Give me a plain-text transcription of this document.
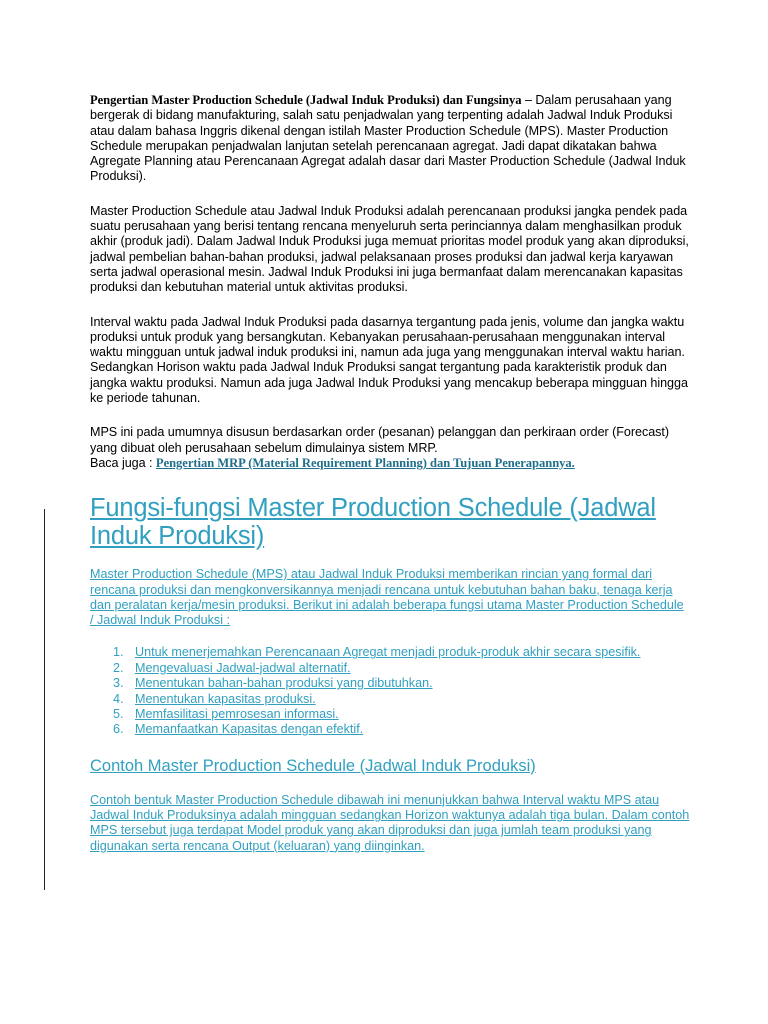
Pengertian Master Production Schedule (Jadwal Induk Produksi) dan Fungsinya – Dalam perusahaan yang bergerak di bidang manufakturing, salah satu penjadwalan yang terpenting adalah Jadwal Induk Produksi atau dalam bahasa Inggris dikenal dengan istilah Master Production Schedule (MPS). Master Production Schedule merupakan penjadwalan lanjutan setelah perencanaan agregat. Jadi dapat dikatakan bahwa Agregate Planning atau Perencanaan Agregat adalah dasar dari Master Production Schedule (Jadwal Induk Produksi).

Master Production Schedule atau Jadwal Induk Produksi adalah perencanaan produksi jangka pendek pada suatu perusahaan yang berisi tentang rencana menyeluruh serta perinciannya dalam menghasilkan produk akhir (produk jadi). Dalam Jadwal Induk Produksi juga memuat prioritas model produk yang akan diproduksi, jadwal pembelian bahan-bahan produksi, jadwal pelaksanaan proses produksi dan jadwal kerja karyawan serta jadwal operasional mesin. Jadwal Induk Produksi ini juga bermanfaat dalam merencanakan kapasitas produksi dan kebutuhan material untuk aktivitas produksi.

Interval waktu pada Jadwal Induk Produksi pada dasarnya tergantung pada jenis, volume dan jangka waktu produksi untuk produk yang bersangkutan. Kebanyakan perusahaan-perusahaan menggunakan interval waktu mingguan untuk jadwal induk produksi ini, namun ada juga yang menggunakan interval waktu harian. Sedangkan Horison waktu pada Jadwal Induk Produksi sangat tergantung pada karakteristik produk dan jangka waktu produksi. Namun ada juga Jadwal Induk Produksi yang mencakup beberapa mingguan hingga ke periode tahunan.

MPS ini pada umumnya disusun berdasarkan order (pesanan) pelanggan dan perkiraan order (Forecast) yang dibuat oleh perusahaan sebelum dimulainya sistem MRP.
Baca juga : Pengertian MRP (Material Requirement Planning) dan Tujuan Penerapannya.

Fungsi-fungsi Master Production Schedule (Jadwal Induk Produksi)

Master Production Schedule (MPS) atau Jadwal Induk Produksi memberikan rincian yang formal dari rencana produksi dan mengkonversikannya menjadi rencana untuk kebutuhan bahan baku, tenaga kerja dan peralatan kerja/mesin produksi. Berikut ini adalah beberapa fungsi utama Master Production Schedule / Jadwal Induk Produksi :

1. Untuk menerjemahkan Perencanaan Agregat menjadi produk-produk akhir secara spesifik.
2. Mengevaluasi Jadwal-jadwal alternatif.
3. Menentukan bahan-bahan produksi yang dibutuhkan.
4. Menentukan kapasitas produksi.
5. Memfasilitasi pemrosesan informasi.
6. Memanfaatkan Kapasitas dengan efektif.
Contoh Master Production Schedule (Jadwal Induk Produksi)

Contoh bentuk Master Production Schedule dibawah ini menunjukkan bahwa Interval waktu MPS atau Jadwal Induk Produksinya adalah mingguan sedangkan Horizon waktunya adalah tiga bulan. Dalam contoh MPS tersebut juga terdapat Model produk yang akan diproduksi dan juga jumlah team produksi yang digunakan serta rencana Output (keluaran) yang diinginkan.
